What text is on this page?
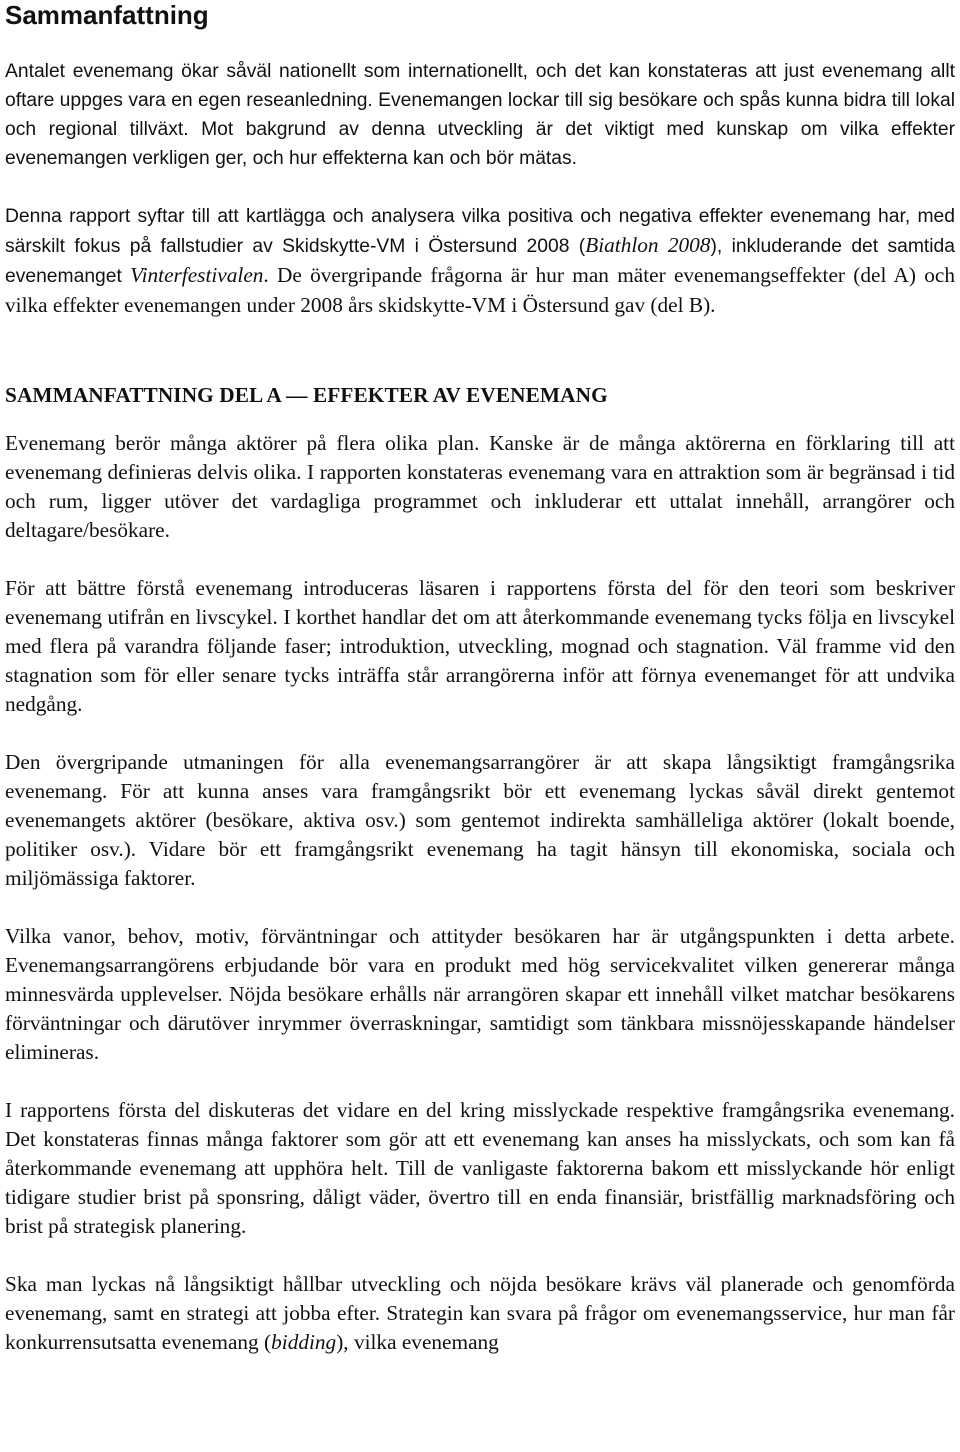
Sammanfattning

Antalet evenemang ökar såväl nationellt som internationellt, och det kan konstateras att just evenemang allt oftare uppges vara en egen reseanledning. Evenemangen lockar till sig besökare och spås kunna bidra till lokal och regional tillväxt. Mot bakgrund av denna utveckling är det viktigt med kunskap om vilka effekter evenemangen verkligen ger, och hur effekterna kan och bör mätas.

Denna rapport syftar till att kartlägga och analysera vilka positiva och negativa effekter evenemang har, med särskilt fokus på fallstudier av Skidskytte-VM i Östersund 2008 (Biathlon 2008), inkluderande det samtida evenemanget Vinterfestivalen. De övergripande frågorna är hur man mäter evenemangseffekter (del A) och vilka effekter evenemangen under 2008 års skidskytte-VM i Östersund gav (del B).

SAMMANFATTNING DEL A — EFFEKTER AV EVENEMANG

Evenemang berör många aktörer på flera olika plan. Kanske är de många aktörerna en förklaring till att evenemang definieras delvis olika. I rapporten konstateras evenemang vara en attraktion som är begränsad i tid och rum, ligger utöver det vardagliga programmet och inkluderar ett uttalat innehåll, arrangörer och deltagare/besökare.

För att bättre förstå evenemang introduceras läsaren i rapportens första del för den teori som beskriver evenemang utifrån en livscykel. I korthet handlar det om att återkommande evenemang tycks följa en livscykel med flera på varandra följande faser; introduktion, utveckling, mognad och stagnation. Väl framme vid den stagnation som för eller senare tycks inträffa står arrangörerna inför att förnya evenemanget för att undvika nedgång.

Den övergripande utmaningen för alla evenemangsarrangörer är att skapa långsiktigt framgångsrika evenemang. För att kunna anses vara framgångsrikt bör ett evenemang lyckas såväl direkt gentemot evenemangets aktörer (besökare, aktiva osv.) som gentemot indirekta samhälleliga aktörer (lokalt boende, politiker osv.). Vidare bör ett framgångsrikt evenemang ha tagit hänsyn till ekonomiska, sociala och miljömässiga faktorer.

Vilka vanor, behov, motiv, förväntningar och attityder besökaren har är utgångspunkten i detta arbete. Evenemangsarrangörens erbjudande bör vara en produkt med hög servicekvalitet vilken genererar många minnesvärda upplevelser. Nöjda besökare erhålls när arrangören skapar ett innehåll vilket matchar besökarens förväntningar och därutöver inrymmer överraskningar, samtidigt som tänkbara missnöjesskapande händelser elimineras.

I rapportens första del diskuteras det vidare en del kring misslyckade respektive framgångsrika evenemang. Det konstateras finnas många faktorer som gör att ett evenemang kan anses ha misslyckats, och som kan få återkommande evenemang att upphöra helt. Till de vanligaste faktorerna bakom ett misslyckande hör enligt tidigare studier brist på sponsring, dåligt väder, övertro till en enda finansiär, bristfällig marknadsföring och brist på strategisk planering.

Ska man lyckas nå långsiktigt hållbar utveckling och nöjda besökare krävs väl planerade och genomförda evenemang, samt en strategi att jobba efter. Strategin kan svara på frågor om evenemangsservice, hur man får konkurrensutsatta evenemang (bidding), vilka evenemang
